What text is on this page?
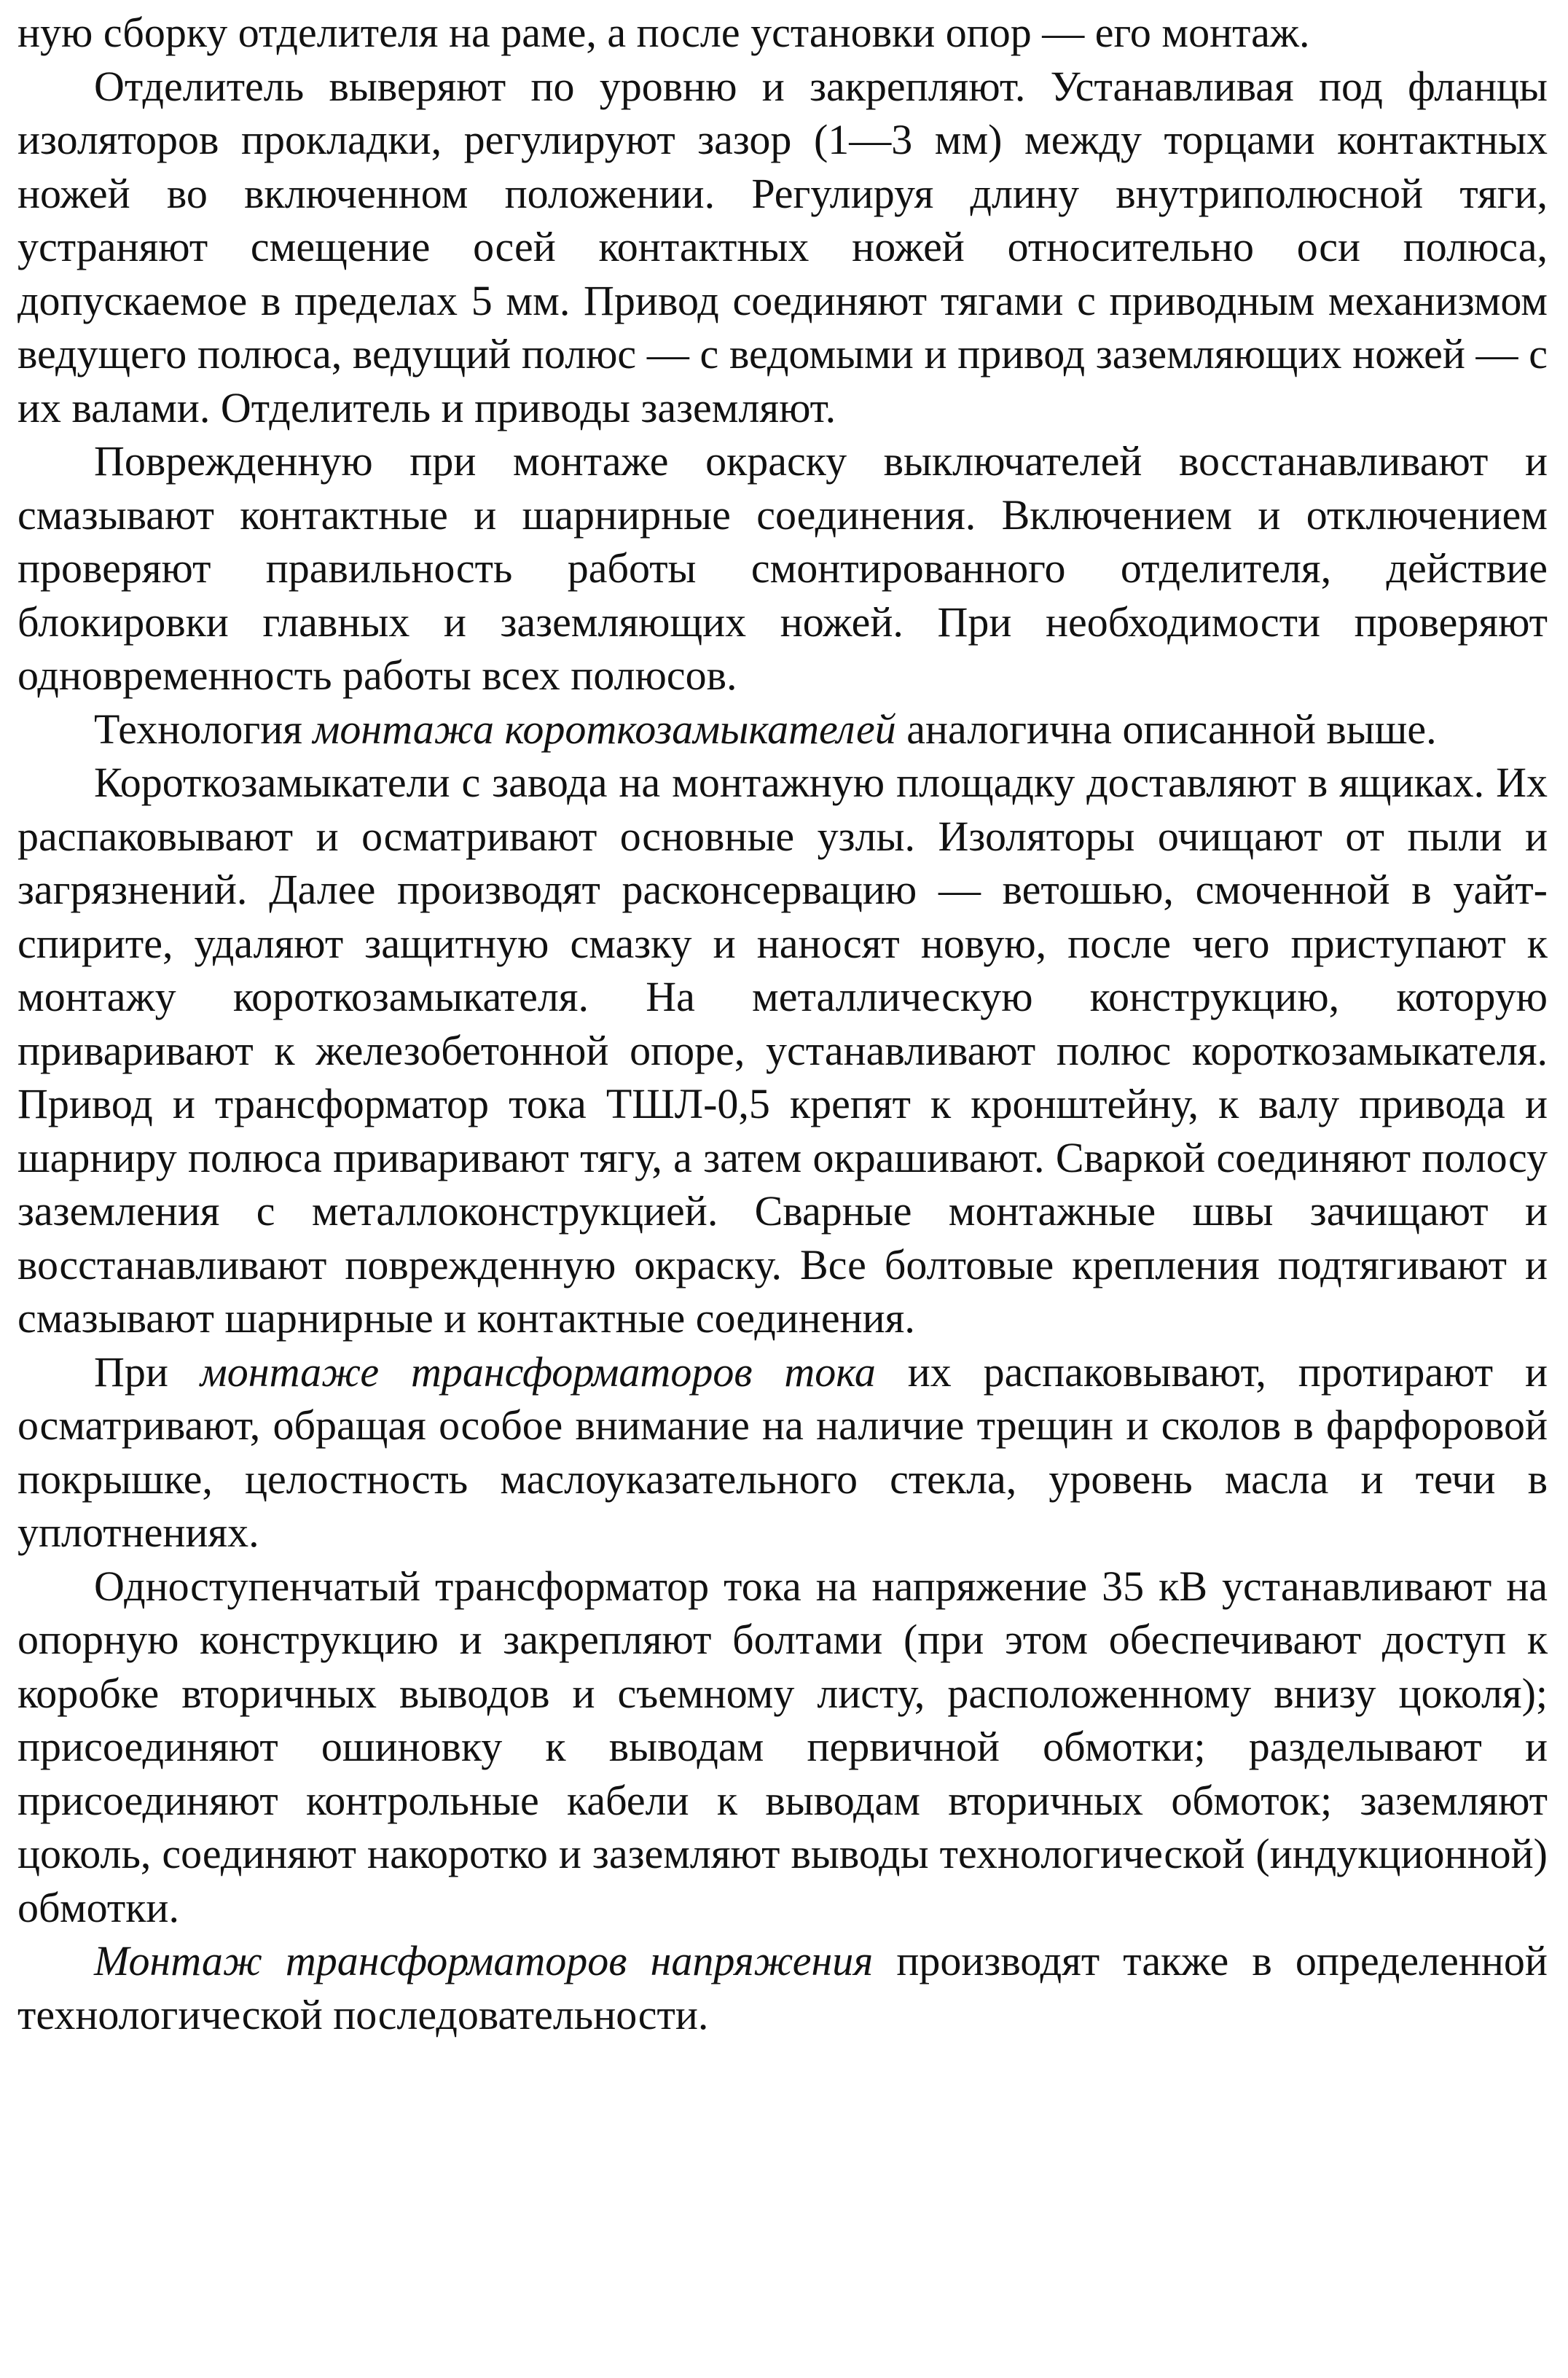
ную сборку отделителя на раме, а после установки опор — его монтаж.

Отделитель выверяют по уровню и закрепляют. Устанавливая под фланцы изоляторов прокладки, регулируют зазор (1—3 мм) между торцами контактных ножей во включенном положении. Регулируя длину внутриполюсной тяги, устраняют смещение осей контактных ножей относительно оси полюса, допускаемое в пределах 5 мм. Привод соединяют тягами с приводным механизмом ведущего полюса, ведущий полюс — с ведомыми и привод заземляющих ножей — с их валами. Отделитель и приводы заземляют.

Поврежденную при монтаже окраску выключателей восстанавливают и смазывают контактные и шарнирные соединения. Включением и отключением проверяют правильность работы смонтированного отделителя, действие блокировки главных и заземляющих ножей. При необходимости проверяют одновременность работы всех полюсов.

Технология монтажа короткозамыкателей аналогична описанной выше.

Короткозамыкатели с завода на монтажную площадку доставляют в ящиках. Их распаковывают и осматривают основные узлы. Изоляторы очищают от пыли и загрязнений. Далее производят расконсервацию — ветошью, смоченной в уайт-спирите, удаляют защитную смазку и наносят новую, после чего приступают к монтажу короткозамыкателя. На металлическую конструкцию, которую приваривают к железобетонной опоре, устанавливают полюс короткозамыкателя. Привод и трансформатор тока ТШЛ-0,5 крепят к кронштейну, к валу привода и шарниру полюса приваривают тягу, а затем окрашивают. Сваркой соединяют полосу заземления с металлоконструкцией. Сварные монтажные швы зачищают и восстанавливают поврежденную окраску. Все болтовые крепления подтягивают и смазывают шарнирные и контактные соединения.

При монтаже трансформаторов тока их распаковывают, протирают и осматривают, обращая особое внимание на наличие трещин и сколов в фарфоровой покрышке, целостность маслоуказательного стекла, уровень масла и течи в уплотнениях.

Одноступенчатый трансформатор тока на напряжение 35 кВ устанавливают на опорную конструкцию и закрепляют болтами (при этом обеспечивают доступ к коробке вторичных выводов и съемному листу, расположенному внизу цоколя); присоединяют ошиновку к выводам первичной обмотки; разделывают и присоединяют контрольные кабели к выводам вторичных обмоток; заземляют цоколь, соединяют накоротко и заземляют выводы технологической (индукционной) обмотки.

Монтаж трансформаторов напряжения производят также в определенной технологической последовательности.
